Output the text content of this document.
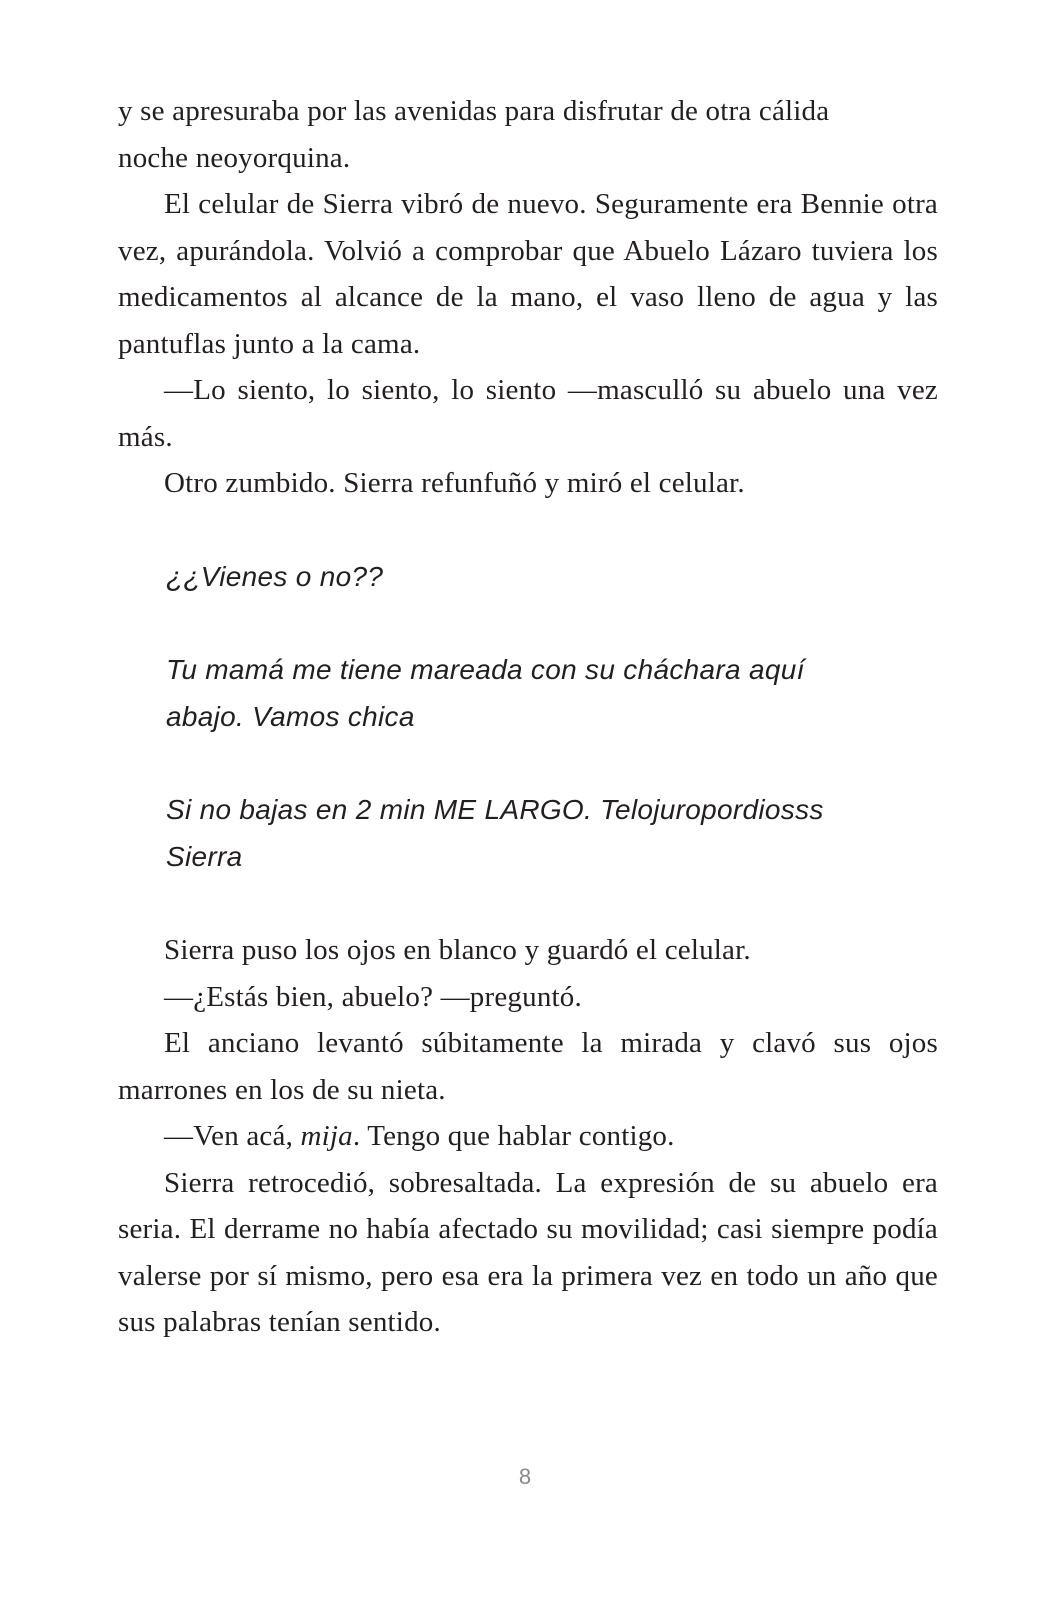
y se apresuraba por las avenidas para disfrutar de otra cálida
noche neoyorquina.

El celular de Sierra vibró de nuevo. Seguramente era Bennie otra vez, apurándola. Volvió a comprobar que Abuelo Lázaro tuviera los medicamentos al alcance de la mano, el vaso lleno de agua y las pantuflas junto a la cama.

—Lo siento, lo siento, lo siento —masculló su abuelo una vez más.

Otro zumbido. Sierra refunfuñó y miró el celular.

¿¿Vienes o no??

Tu mamá me tiene mareada con su cháchara aquí
abajo. Vamos chica

Si no bajas en 2 min ME LARGO. Telojuropordiosss
Sierra

Sierra puso los ojos en blanco y guardó el celular.

—¿Estás bien, abuelo? —preguntó.

El anciano levantó súbitamente la mirada y clavó sus ojos marrones en los de su nieta.

—Ven acá, mija. Tengo que hablar contigo.

Sierra retrocedió, sobresaltada. La expresión de su abuelo era seria. El derrame no había afectado su movilidad; casi siempre podía valerse por sí mismo, pero esa era la primera vez en todo un año que sus palabras tenían sentido.

8
